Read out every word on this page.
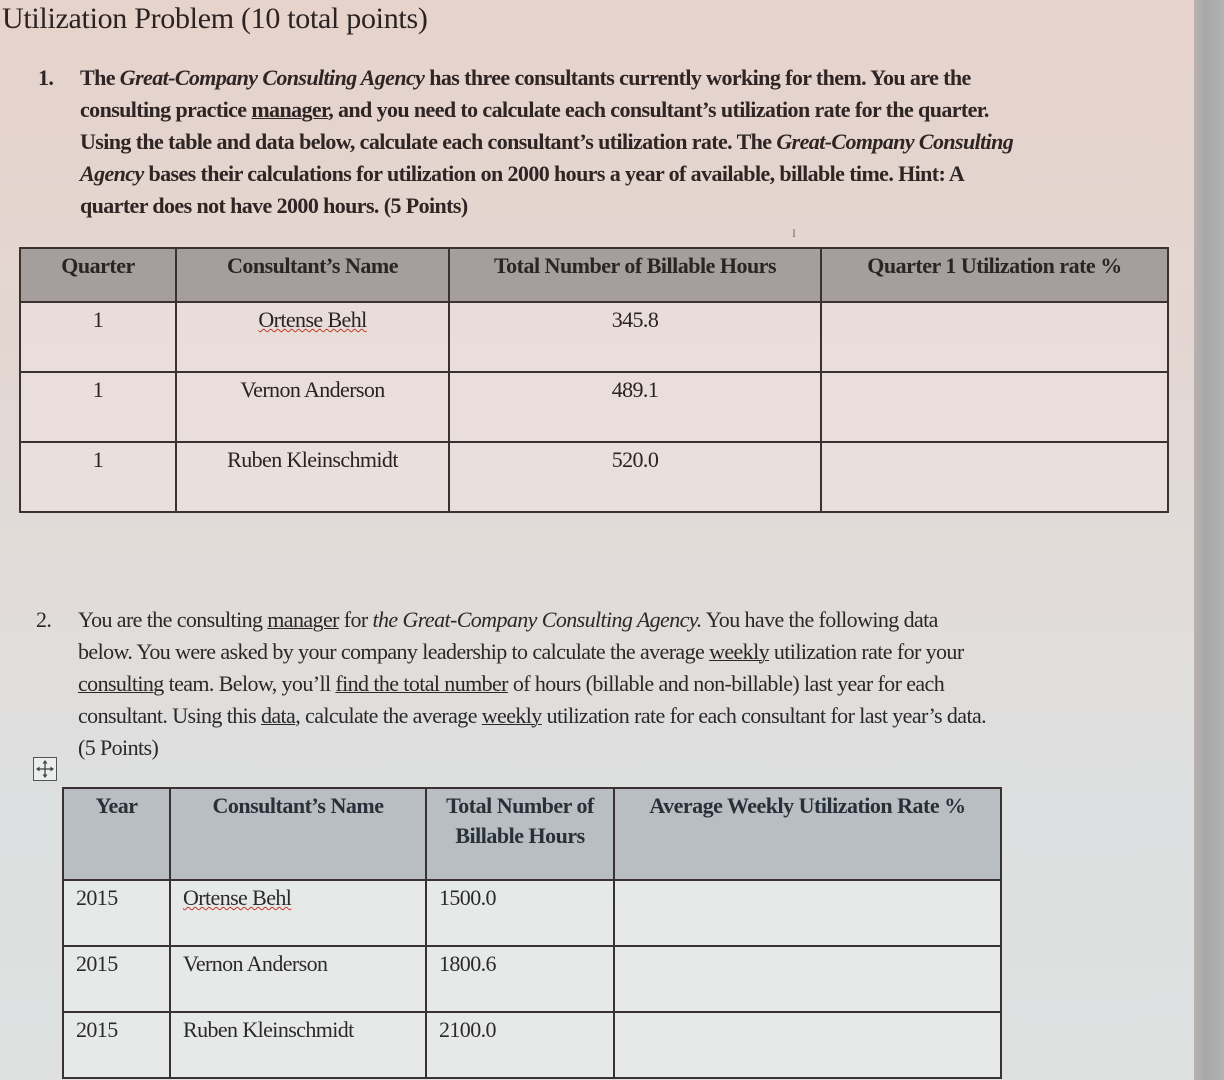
Utilization Problem (10 total points)
1. The Great-Company Consulting Agency has three consultants currently working for them. You are the consulting practice manager, and you need to calculate each consultant’s utilization rate for the quarter. Using the table and data below, calculate each consultant’s utilization rate. The Great-Company Consulting Agency bases their calculations for utilization on 2000 hours a year of available, billable time. Hint: A quarter does not have 2000 hours. (5 Points)

I
Quarter	Consultant’s Name	Total Number of Billable Hours	Quarter 1 Utilization rate %
1	Ortense Behl	345.8	
1	Vernon Anderson	489.1	
1	Ruben Kleinschmidt	520.0	
2. You are the consulting manager for the Great-Company Consulting Agency. You have the following data below. You were asked by your company leadership to calculate the average weekly utilization rate for your consulting team. Below, you’ll find the total number of hours (billable and non-billable) last year for each consultant. Using this data, calculate the average weekly utilization rate for each consultant for last year’s data. (5 Points)

Year	Consultant’s Name	Total Number of Billable Hours	Average Weekly Utilization Rate %
2015	Ortense Behl	1500.0	
2015	Vernon Anderson	1800.6	
2015	Ruben Kleinschmidt	2100.0	
